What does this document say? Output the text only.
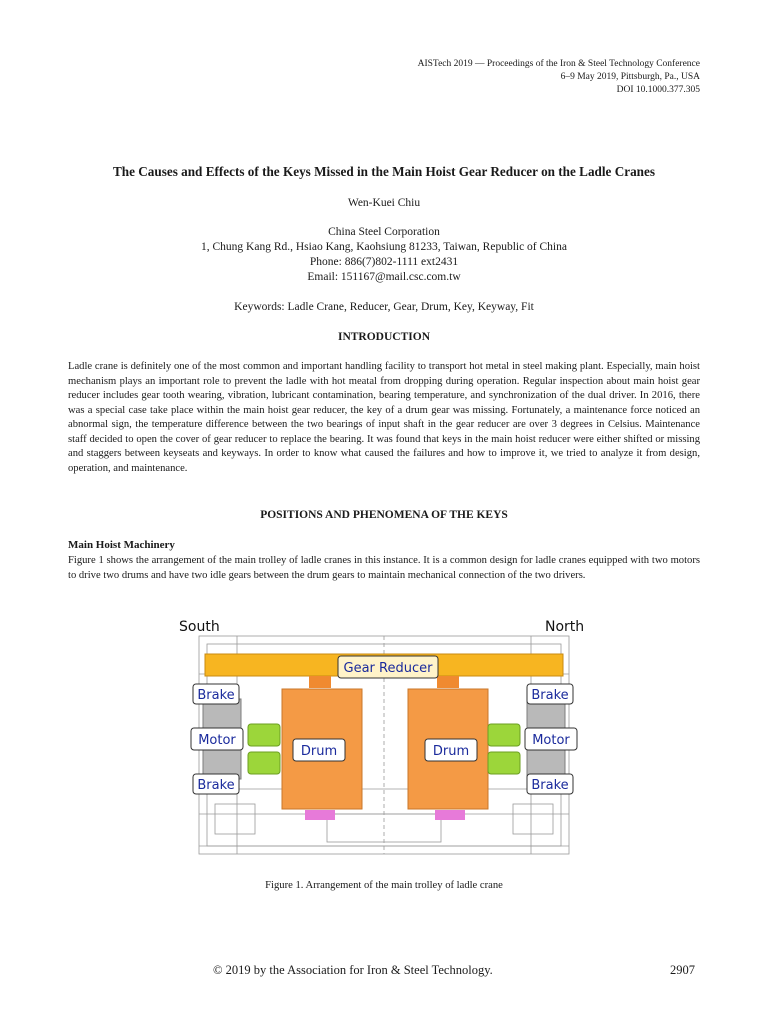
AISTech 2019 — Proceedings of the Iron & Steel Technology Conference
6–9 May 2019, Pittsburgh, Pa., USA
DOI 10.1000.377.305
The Causes and Effects of the Keys Missed in the Main Hoist Gear Reducer on the Ladle Cranes
Wen-Kuei Chiu
China Steel Corporation
1, Chung Kang Rd., Hsiao Kang, Kaohsiung 81233, Taiwan, Republic of China
Phone: 886(7)802-1111 ext2431
Email: 151167@mail.csc.com.tw
Keywords: Ladle Crane, Reducer, Gear, Drum, Key, Keyway, Fit
INTRODUCTION
Ladle crane is definitely one of the most common and important handling facility to transport hot metal in steel making plant. Especially, main hoist mechanism plays an important role to prevent the ladle with hot meatal from dropping during operation. Regular inspection about main hoist gear reducer includes gear tooth wearing, vibration, lubricant contamination, bearing temperature, and synchronization of the dual driver. In 2016, there was a special case take place within the main hoist gear reducer, the key of a drum gear was missing. Fortunately, a maintenance force noticed an abnormal sign, the temperature difference between the two bearings of input shaft in the gear reducer are over 3 degrees in Celsius. Maintenance staff decided to open the cover of gear reducer to replace the bearing. It was found that keys in the main hoist reducer were either shifted or missing and staggers between keyseats and keyways. In order to know what caused the failures and how to improve it, we tried to analyze it from design, operation, and maintenance.
POSITIONS AND PHENOMENA OF THE KEYS
Main Hoist Machinery
Figure 1 shows the arrangement of the main trolley of ladle cranes in this instance. It is a common design for ladle cranes equipped with two motors to drive two drums and have two idle gears between the drum gears to maintain mechanical connection of the two drivers.
South	North
Gear Reducer
Brake	Brake
Motor	Motor
Brake	Brake
Drum	Drum
Figure 1. Arrangement of the main trolley of ladle crane
© 2019 by the Association for Iron & Steel Technology.	2907
